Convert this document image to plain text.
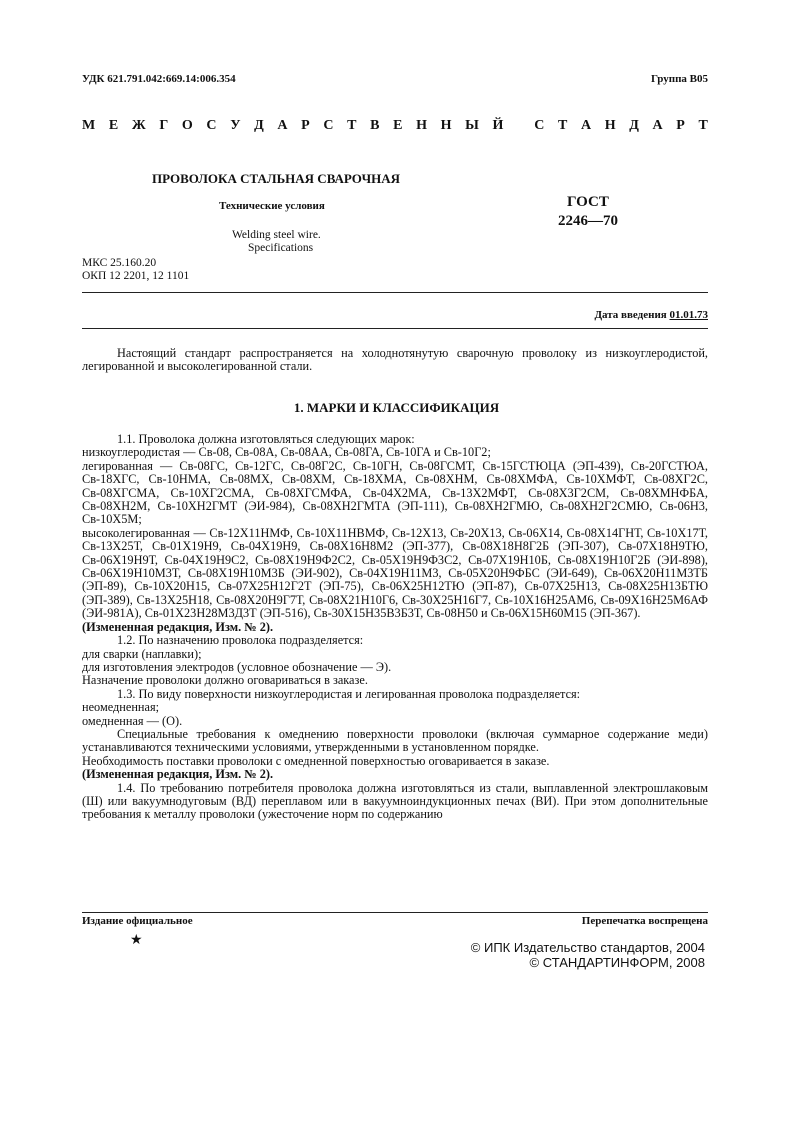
УДК 621.791.042:669.14:006.354	Группа B05
М Е Ж Г О С У Д А Р С Т В Е Н Н Ы Й
С Т А Н Д А Р Т
ПРОВОЛОКА СТАЛЬНАЯ СВАРОЧНАЯ
Технические условия
Welding steel wire.
Specifications
ГОСТ
2246—70
МКС 25.160.20
ОКП 12 2201, 12 1101
Дата введения 01.01.73
Настоящий стандарт распространяется на холоднотянутую сварочную проволоку из низкоуглеродистой, легированной и высоколегированной стали.
1. МАРКИ И КЛАССИФИКАЦИЯ
1.1. Проволока должна изготовляться следующих марок:
низкоуглеродистая — Св-08, Св-08А, Св-08АА, Св-08ГА, Св-10ГА и Св-10Г2;
легированная — Св-08ГС, Св-12ГС, Св-08Г2С, Св-10ГН, Св-08ГСМТ, Св-15ГСТЮЦА (ЭП-439), Св-20ГСТЮА, Св-18ХГС, Св-10НМА, Св-08МХ, Св-08ХМ, Св-18ХМА, Св-08ХНМ, Св-08ХМФА, Св-10ХМФТ, Св-08ХГ2С, Св-08ХГСМА, Св-10ХГ2СМА, Св-08ХГСМФА, Св-04Х2МА, Св-13Х2МФТ, Св-08Х3Г2СМ, Св-08ХМНФБА, Св-08ХН2М, Св-10ХН2ГМТ (ЭИ-984), Св-08ХН2ГМТА (ЭП-111), Св-08ХН2ГМЮ, Св-08ХН2Г2СМЮ, Св-06Н3, Св-10Х5М;
высоколегированная — Св-12Х11НМФ, Св-10Х11НВМФ, Св-12Х13, Св-20Х13, Св-06Х14, Св-08Х14ГНТ, Св-10Х17Т, Св-13Х25Т, Св-01Х19Н9, Св-04Х19Н9, Св-08Х16Н8М2 (ЭП-377), Св-08Х18Н8Г2Б (ЭП-307), Св-07Х18Н9ТЮ, Св-06Х19Н9Т, Св-04Х19Н9С2, Св-08Х19Н9Ф2С2, Св-05Х19Н9Ф3С2, Св-07Х19Н10Б, Св-08Х19Н10Г2Б (ЭИ-898), Св-06Х19Н10М3Т, Св-08Х19Н10М3Б (ЭИ-902), Св-04Х19Н11М3, Св-05Х20Н9ФБС (ЭИ-649), Св-06Х20Н11М3ТБ (ЭП-89), Св-10Х20Н15, Св-07Х25Н12Г2Т (ЭП-75), Св-06Х25Н12ТЮ (ЭП-87), Св-07Х25Н13, Св-08Х25Н13БТЮ (ЭП-389), Св-13Х25Н18, Св-08Х20Н9Г7Т, Св-08Х21Н10Г6, Св-30Х25Н16Г7, Св-10Х16Н25АМ6, Св-09Х16Н25М6АФ (ЭИ-981А), Св-01Х23Н28М3Д3Т (ЭП-516), Св-30Х15Н35В3Б3Т, Св-08Н50 и Св-06Х15Н60М15 (ЭП-367).
(Измененная редакция, Изм. № 2).
1.2. По назначению проволока подразделяется:
для сварки (наплавки);
для изготовления электродов (условное обозначение — Э).
Назначение проволоки должно оговариваться в заказе.
1.3. По виду поверхности низкоуглеродистая и легированная проволока подразделяется:
неомедненная;
омедненная — (О).
Специальные требования к омеднению поверхности проволоки (включая суммарное содержание меди) устанавливаются техническими условиями, утвержденными в установленном порядке.
Необходимость поставки проволоки с омедненной поверхностью оговаривается в заказе.
(Измененная редакция, Изм. № 2).
1.4. По требованию потребителя проволока должна изготовляться из стали, выплавленной электрошлаковым (Ш) или вакуумнодуговым (ВД) переплавом или в вакуумноиндукционных печах (ВИ). При этом дополнительные требования к металлу проволоки (ужесточение норм по содержанию
Издание официальное	Перепечатка воспрещена
★	© ИПК Издательство стандартов, 2004
© СТАНДАРТИНФОРМ, 2008
